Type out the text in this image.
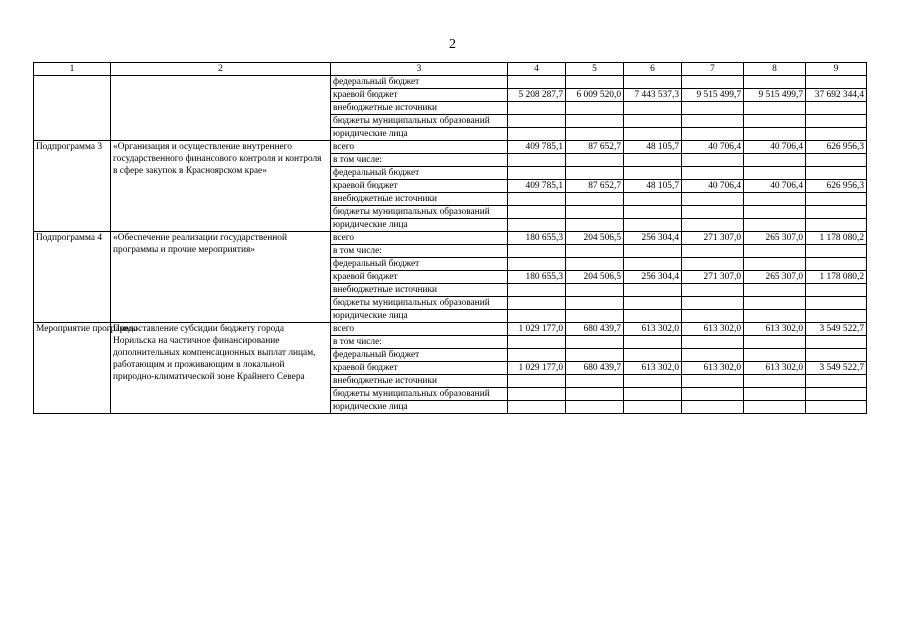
2
1	2	3	4	5	6	7	8	9
		федеральный бюджет						
		краевой бюджет	5 208 287,7	6 009 520,0	7 443 537,3	9 515 499,7	9 515 499,7	37 692 344,4
		внебюджетные источники						
		бюджеты муниципальных образований						
		юридические лица						
Подпрограмма 3	«Организация и осуществление внутреннего государственного финансового контроля и контроля в сфере закупок в Красноярском крае»	всего	409 785,1	87 652,7	48 105,7	40 706,4	40 706,4	626 956,3
		в том числе:						
		федеральный бюджет						
		краевой бюджет	409 785,1	87 652,7	48 105,7	40 706,4	40 706,4	626 956,3
		внебюджетные источники						
		бюджеты муниципальных образований						
		юридические лица						
Подпрограмма 4	«Обеспечение реализации государственной программы и прочие мероприятия»	всего	180 655,3	204 506,5	256 304,4	271 307,0	265 307,0	1 178 080,2
		в том числе:						
		федеральный бюджет						
		краевой бюджет	180 655,3	204 506,5	256 304,4	271 307,0	265 307,0	1 178 080,2
		внебюджетные источники						
		бюджеты муниципальных образований						
		юридические лица						
Мероприятие программы	Предоставление субсидии бюджету города Норильска на частичное финансирование дополнительных компенсационных выплат лицам, работающим и проживающим в локальной природно-климатической зоне Крайнего Севера	всего	1 029 177,0	680 439,7	613 302,0	613 302,0	613 302,0	3 549 522,7
		в том числе:						
		федеральный бюджет						
		краевой бюджет	1 029 177,0	680 439,7	613 302,0	613 302,0	613 302,0	3 549 522,7
		внебюджетные источники						
		бюджеты муниципальных образований						
		юридические лица						
